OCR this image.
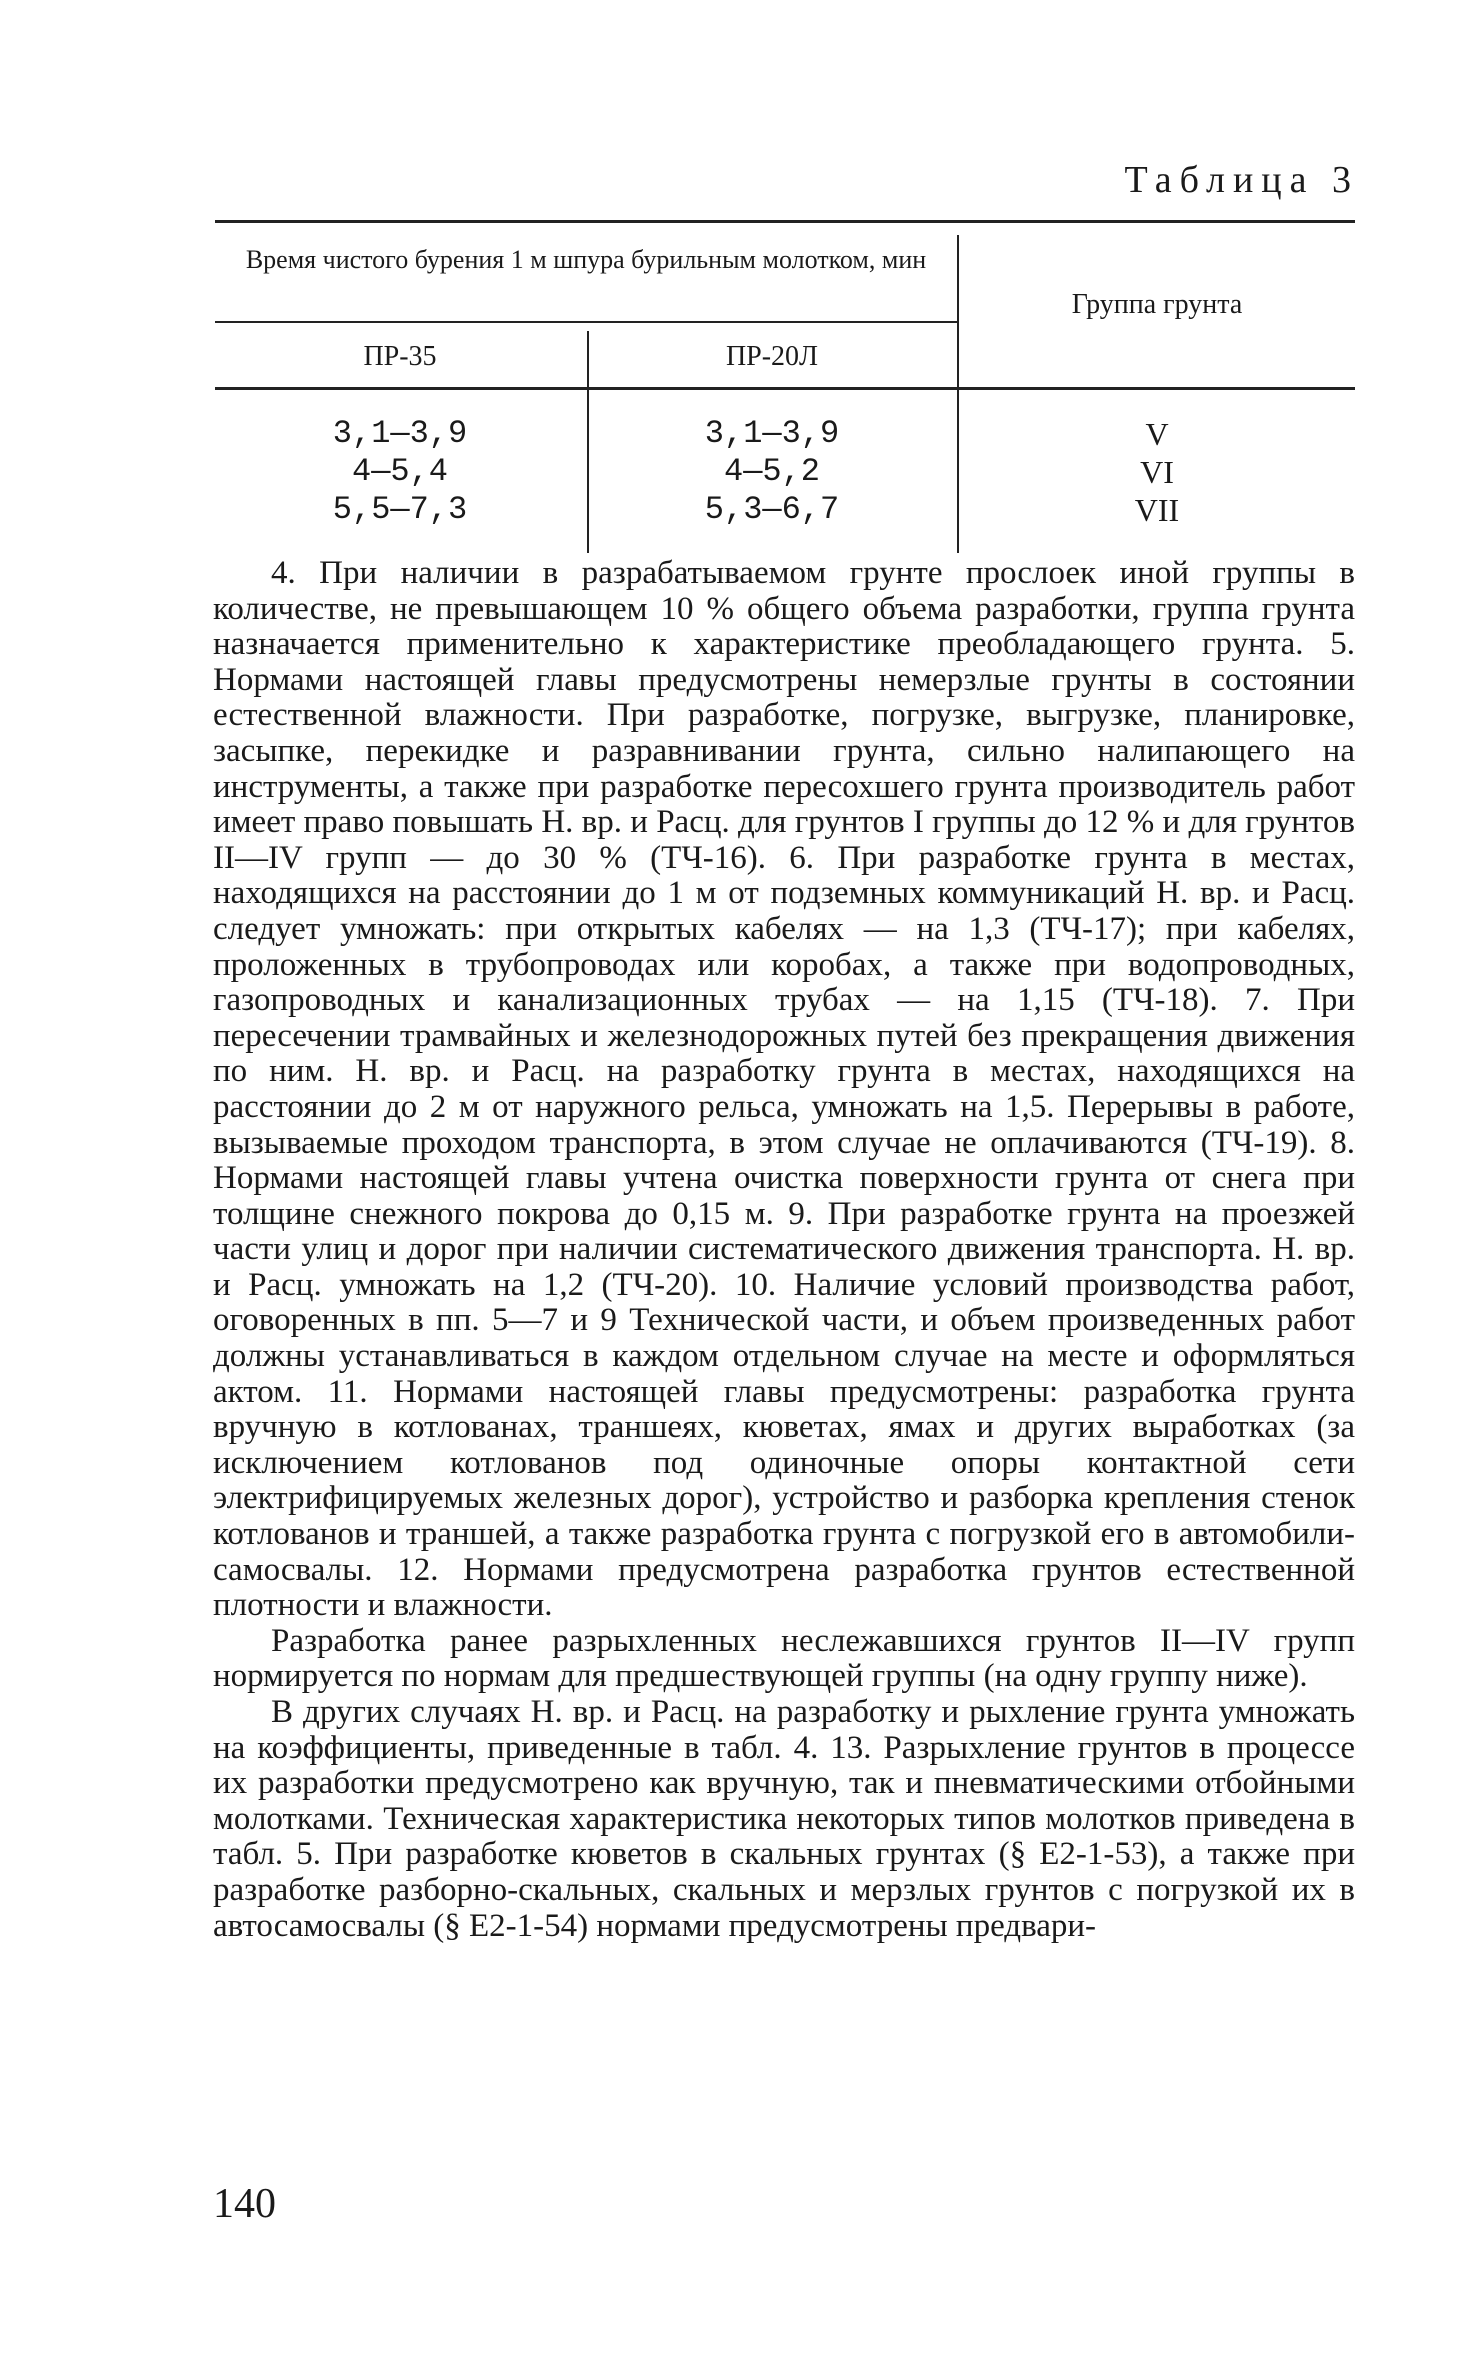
Таблица 3
Время чистого бурения 1 м шпура бурильным молотком, мин
Группа грунта
ПР-35	ПР-20Л
3,1—3,9
4—5,4
5,5—7,3
3,1—3,9
4—5,2
5,3—6,7
V
VI
VII

4. При наличии в разрабатываемом грунте прослоек иной группы в количестве, не превышающем 10 % общего объема разработки, группа грунта назначается применительно к характеристике преобладающего грунта. 5. Нормами настоящей главы предусмотрены немерзлые грунты в состоянии естественной влажности. При разработке, погрузке, выгрузке, планировке, засыпке, перекидке и разравнивании грунта, сильно налипающего на инструменты, а также при разработке пересохшего грунта производитель работ имеет право повышать Н. вр. и Расц. для грунтов I группы до 12 % и для грунтов II—IV групп — до 30 % (ТЧ-16). 6. При разработке грунта в местах, находящихся на расстоянии до 1 м от подземных коммуникаций Н. вр. и Расц. следует умножать: при открытых кабелях — на 1,3 (ТЧ-17); при кабелях, проложенных в трубопроводах или коробах, а также при водопроводных, газопроводных и канализационных трубах — на 1,15 (ТЧ-18). 7. При пересечении трамвайных и железнодорожных путей без прекращения движения по ним. Н. вр. и Расц. на разработку грунта в местах, находящихся на расстоянии до 2 м от наружного рельса, умножать на 1,5. Перерывы в работе, вызываемые проходом транспорта, в этом случае не оплачиваются (ТЧ-19). 8. Нормами настоящей главы учтена очистка поверхности грунта от снега при толщине снежного покрова до 0,15 м. 9. При разработке грунта на проезжей части улиц и дорог при наличии систематического движения транспорта. Н. вр. и Расц. умножать на 1,2 (ТЧ-20). 10. Наличие условий производства работ, оговоренных в пп. 5—7 и 9 Технической части, и объем произведенных работ должны устанавливаться в каждом отдельном случае на месте и оформляться актом. 11. Нормами настоящей главы предусмотрены: разработка грунта вручную в котлованах, траншеях, кюветах, ямах и других выработках (за исключением котлованов под одиночные опоры контактной сети электрифицируемых железных дорог), устройство и разборка крепления стенок котлованов и траншей, а также разработка грунта с погрузкой его в автомобили-самосвалы. 12. Нормами предусмотрена разработка грунтов естественной плотности и влажности.

Разработка ранее разрыхленных неслежавшихся грунтов II—IV групп нормируется по нормам для предшествующей группы (на одну группу ниже).

В других случаях Н. вр. и Расц. на разработку и рыхление грунта умножать на коэффициенты, приведенные в табл. 4. 13. Разрыхление грунтов в процессе их разработки предусмотрено как вручную, так и пневматическими отбойными молотками. Техническая характеристика некоторых типов молотков приведена в табл. 5. При разработке кюветов в скальных грунтах (§ Е2-1-53), а также при разработке разборно-скальных, скальных и мерзлых грунтов с погрузкой их в автосамосвалы (§ Е2-1-54) нормами предусмотрены предвари-

140
